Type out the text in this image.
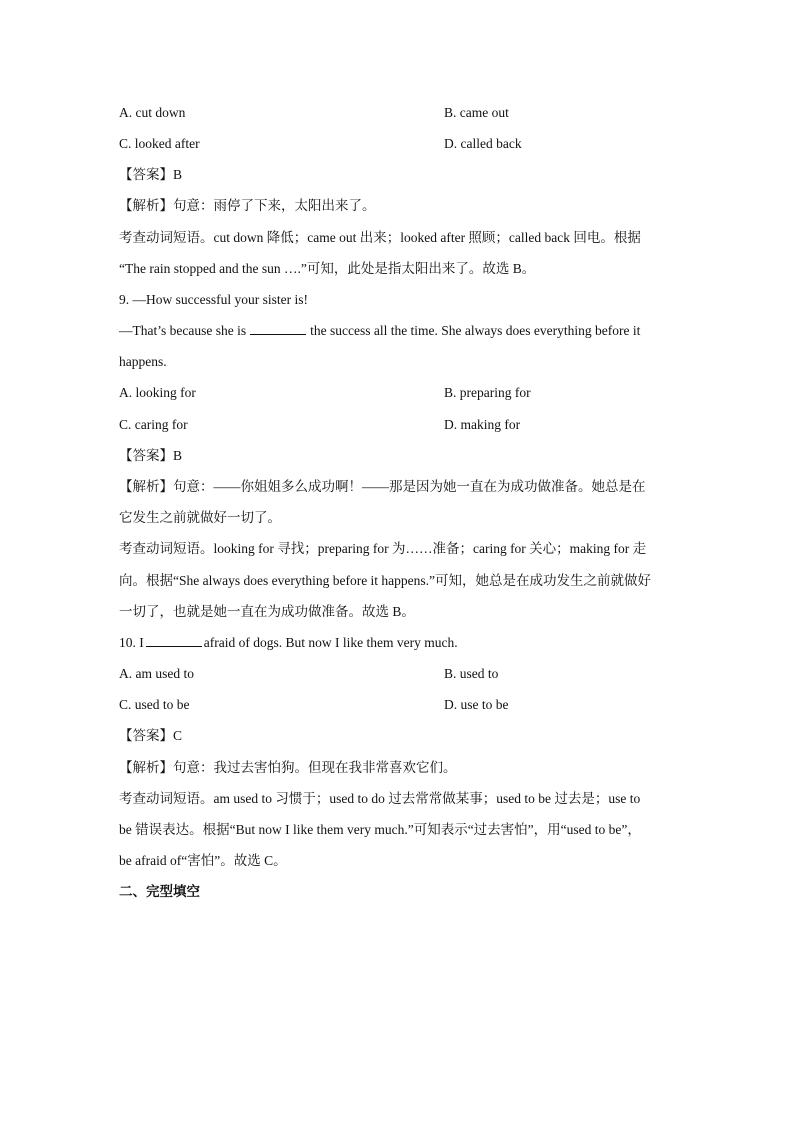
A. cut down	B. came out
C. looked after	D. called back
【答案】B
【解析】句意：雨停了下来，太阳出来了。
考查动词短语。cut down 降低；came out 出来；looked after 照顾；called back 回电。根据
“The rain stopped and the sun ….”可知，此处是指太阳出来了。故选 B。
9. —How successful your sister is!
—That’s because she is	the success all the time. She always does everything before it
happens.
A. looking for	B. preparing for
C. caring for	D. making for
【答案】B
【解析】句意：——你姐姐多么成功啊！——那是因为她一直在为成功做准备。她总是在
它发生之前就做好一切了。
考查动词短语。looking for 寻找；preparing for 为……准备；caring for 关心；making for 走
向。根据“She always does everything before it happens.”可知，她总是在成功发生之前就做好
一切了，也就是她一直在为成功做准备。故选 B。
10. I	afraid of dogs. But now I like them very much.
A. am used to	B. used to
C. used to be	D. use to be
【答案】C
【解析】句意：我过去害怕狗。但现在我非常喜欢它们。
考查动词短语。am used to 习惯于；used to do 过去常常做某事；used to be 过去是；use to
be 错误表达。根据“But now I like them very much.”可知表示“过去害怕”，用“used to be”，
be afraid of“害怕”。故选 C。
二、完型填空
